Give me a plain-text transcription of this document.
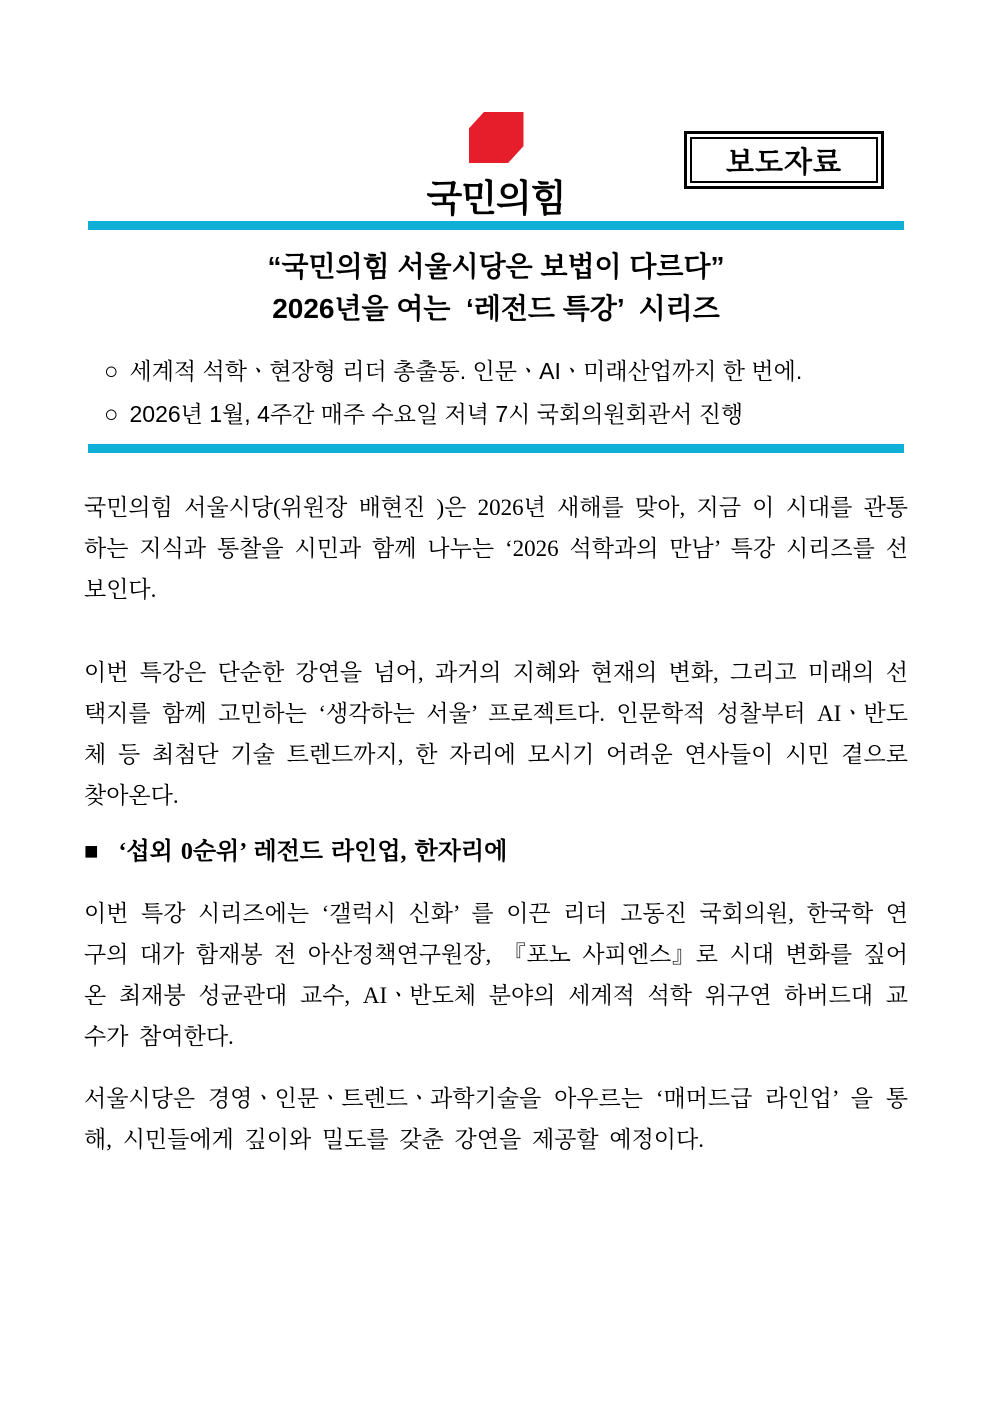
국민의힘
보도자료
“국민의힘 서울시당은 보법이 다르다”
2026년을 여는  ‘레전드 특강’  시리즈
○ 세계적 석학ㆍ현장형 리더 총출동. 인문ㆍAIㆍ미래산업까지 한 번에.
○ 2026년 1월, 4주간 매주 수요일 저녁 7시 국회의원회관서 진행

국민의힘 서울시당(위원장 배현진 )은 2026년 새해를 맞아, 지금 이 시대를 관통하는 지식과 통찰을 시민과 함께 나누는 ‘2026 석학과의 만남’ 특강 시리즈를 선보인다.

이번 특강은 단순한 강연을 넘어, 과거의 지혜와 현재의 변화, 그리고 미래의 선택지를 함께 고민하는 ‘생각하는 서울’ 프로젝트다. 인문학적 성찰부터 AIㆍ반도체 등 최첨단 기술 트렌드까지, 한 자리에 모시기 어려운 연사들이 시민 곁으로 찾아온다.

■ ‘섭외 0순위’ 레전드 라인업, 한자리에

이번 특강 시리즈에는 ‘갤럭시 신화’ 를 이끈 리더 고동진 국회의원, 한국학 연구의 대가 함재봉 전 아산정책연구원장, 『포노 사피엔스』로 시대 변화를 짚어온 최재붕 성균관대 교수, AIㆍ반도체 분야의 세계적 석학 위구연 하버드대 교수가 참여한다.

서울시당은 경영ㆍ인문ㆍ트렌드ㆍ과학기술을 아우르는 ‘매머드급 라인업’ 을 통해, 시민들에게 깊이와 밀도를 갖춘 강연을 제공할 예정이다.
